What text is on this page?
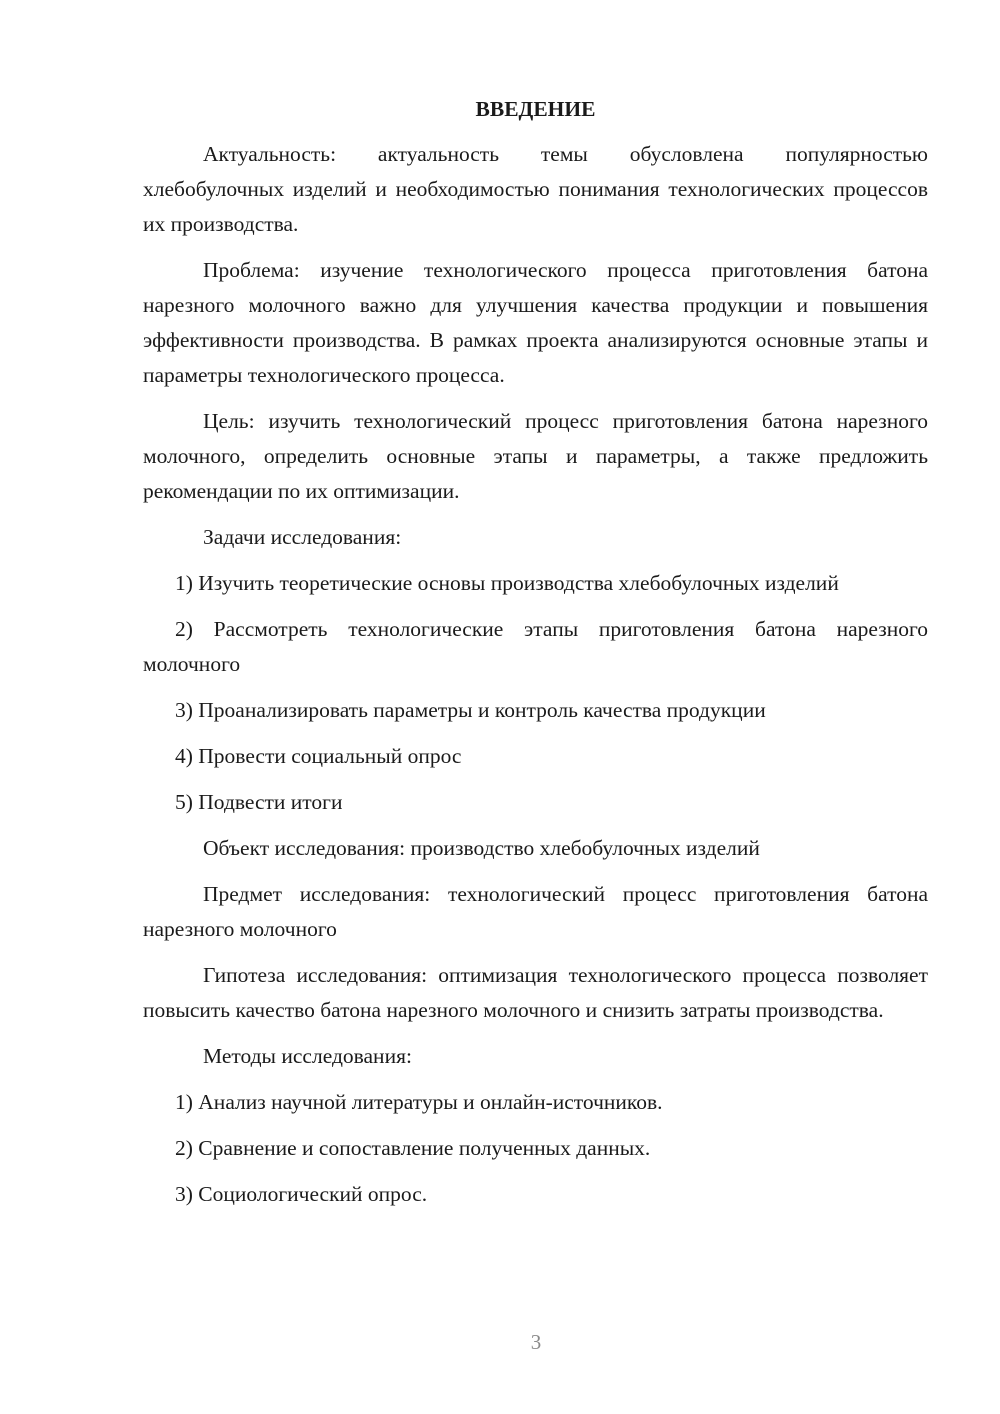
ВВЕДЕНИЕ

Актуальность: актуальность темы обусловлена популярностью хлебобулочных изделий и необходимостью понимания технологических процессов их производства.

Проблема: изучение технологического процесса приготовления батона нарезного молочного важно для улучшения качества продукции и повышения эффективности производства. В рамках проекта анализируются основные этапы и параметры технологического процесса.

Цель: изучить технологический процесс приготовления батона нарезного молочного, определить основные этапы и параметры, а также предложить рекомендации по их оптимизации.

Задачи исследования:

1) Изучить теоретические основы производства хлебобулочных изделий

2) Рассмотреть технологические этапы приготовления батона нарезного молочного

3) Проанализировать параметры и контроль качества продукции

4) Провести социальный опрос

5) Подвести итоги

Объект исследования: производство хлебобулочных изделий

Предмет исследования: технологический процесс приготовления батона нарезного молочного

Гипотеза исследования: оптимизация технологического процесса позволяет повысить качество батона нарезного молочного и снизить затраты производства.

Методы исследования:

1) Анализ научной литературы и онлайн-источников.

2) Сравнение и сопоставление полученных данных.

3) Социологический опрос.

3
